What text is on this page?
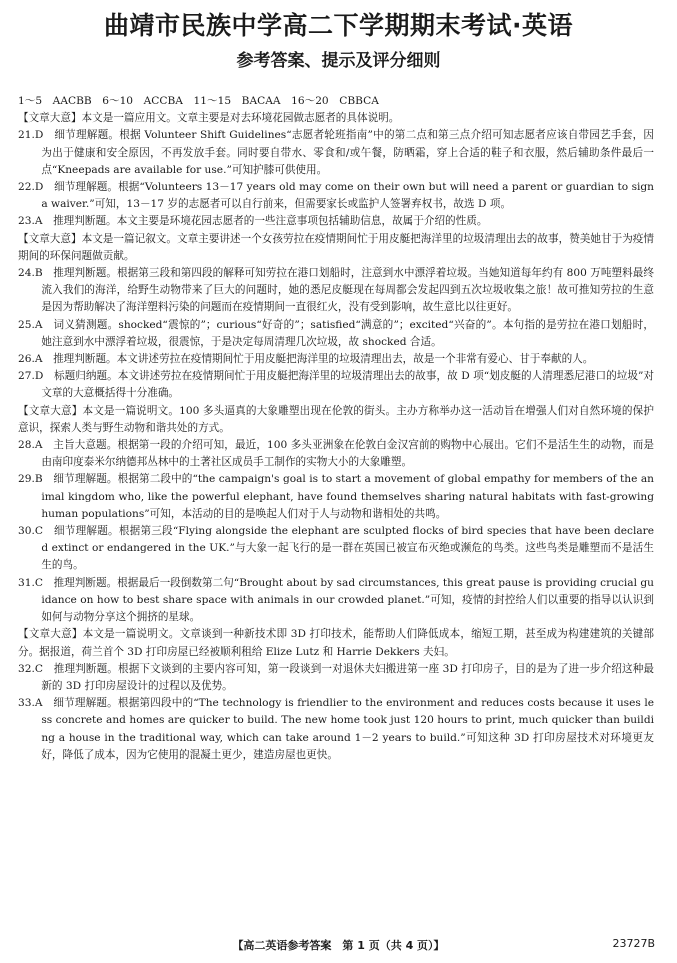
曲靖市民族中学高二下学期期末考试·英语
参考答案、提示及评分细则

1～5　AACBB　6～10　ACCBA　11～15　BACAA　16～20　CBBCA

【文章大意】本文是一篇应用文。文章主要是对去环境花园做志愿者的具体说明。

21.D　细节理解题。根据 Volunteer Shift Guidelines“志愿者轮班指南”中的第二点和第三点介绍可知志愿者应该自带园艺手套，因为出于健康和安全原因，不再发放手套。同时要自带水、零食和/或午餐，防晒霜，穿上合适的鞋子和衣服，然后辅助条件最后一点“Kneepads are available for use.”可知护膝可供使用。

22.D　细节理解题。根据“Volunteers 13－17 years old may come on their own but will need a parent or guardian to sign a waiver.”可知，13－17 岁的志愿者可以自行前来，但需要家长或监护人签署弃权书，故选 D 项。

23.A　推理判断题。本文主要是环境花园志愿者的一些注意事项包括辅助信息，故属于介绍的性质。

【文章大意】本文是一篇记叙文。文章主要讲述一个女孩劳拉在疫情期间忙于用皮艇把海洋里的垃圾清理出去的故事，赞美她甘于为疫情期间的环保问题做贡献。

24.B　推理判断题。根据第三段和第四段的解释可知劳拉在港口划船时，注意到水中漂浮着垃圾。当她知道每年约有 800 万吨塑料最终流入我们的海洋，给野生动物带来了巨大的问题时，她的悉尼皮艇现在每周都会发起四到五次垃圾收集之旅！故可推知劳拉的生意是因为帮助解决了海洋塑料污染的问题而在疫情期间一直很红火，没有受到影响，故生意比以往更好。

25.A　词义猜测题。shocked“震惊的”；curious“好奇的”；satisfied“满意的”；excited“兴奋的”。本句指的是劳拉在港口划船时，她注意到水中漂浮着垃圾，很震惊，于是决定每周清理几次垃圾，故 shocked 合适。

26.A　推理判断题。本文讲述劳拉在疫情期间忙于用皮艇把海洋里的垃圾清理出去，故是一个非常有爱心、甘于奉献的人。

27.D　标题归纳题。本文讲述劳拉在疫情期间忙于用皮艇把海洋里的垃圾清理出去的故事，故 D 项“划皮艇的人清理悉尼港口的垃圾”对文章的大意概括得十分准确。

【文章大意】本文是一篇说明文。100 多头逼真的大象雕塑出现在伦敦的街头。主办方称举办这一活动旨在增强人们对自然环境的保护意识，探索人类与野生动物和谐共处的方式。

28.A　主旨大意题。根据第一段的介绍可知，最近，100 多头亚洲象在伦敦白金汉宫前的购物中心展出。它们不是活生生的动物，而是由南印度泰米尔纳德邦丛林中的土著社区成员手工制作的实物大小的大象雕塑。

29.B　细节理解题。根据第二段中的“the campaign's goal is to start a movement of global empathy for members of the animal kingdom who, like the powerful elephant, have found themselves sharing natural habitats with fast-growing human populations”可知，本活动的目的是唤起人们对于人与动物和谐相处的共鸣。

30.C　细节理解题。根据第三段“Flying alongside the elephant are sculpted flocks of bird species that have been declared extinct or endangered in the UK.”与大象一起飞行的是一群在英国已被宣布灭绝或濒危的鸟类。这些鸟类是雕塑而不是活生生的鸟。

31.C　推理判断题。根据最后一段倒数第二句“Brought about by sad circumstances, this great pause is providing crucial guidance on how to best share space with animals in our crowded planet.”可知，疫情的封控给人们以重要的指导以认识到如何与动物分享这个拥挤的星球。

【文章大意】本文是一篇说明文。文章谈到一种新技术即 3D 打印技术，能帮助人们降低成本，缩短工期，甚至成为构建建筑的关键部分。据报道，荷兰首个 3D 打印房屋已经被顺利租给 Elize Lutz 和 Harrie Dekkers 夫妇。

32.C　推理判断题。根据下文谈到的主要内容可知，第一段谈到一对退休夫妇搬进第一座 3D 打印房子，目的是为了进一步介绍这种最新的 3D 打印房屋设计的过程以及优势。

33.A　细节理解题。根据第四段中的“The technology is friendlier to the environment and reduces costs because it uses less concrete and homes are quicker to build. The new home took just 120 hours to print, much quicker than building a house in the traditional way, which can take around 1－2 years to build.”可知这种 3D 打印房屋技术对环境更友好，降低了成本，因为它使用的混凝土更少，建造房屋也更快。

【高二英语参考答案　第 1 页（共 4 页）】	23727B
